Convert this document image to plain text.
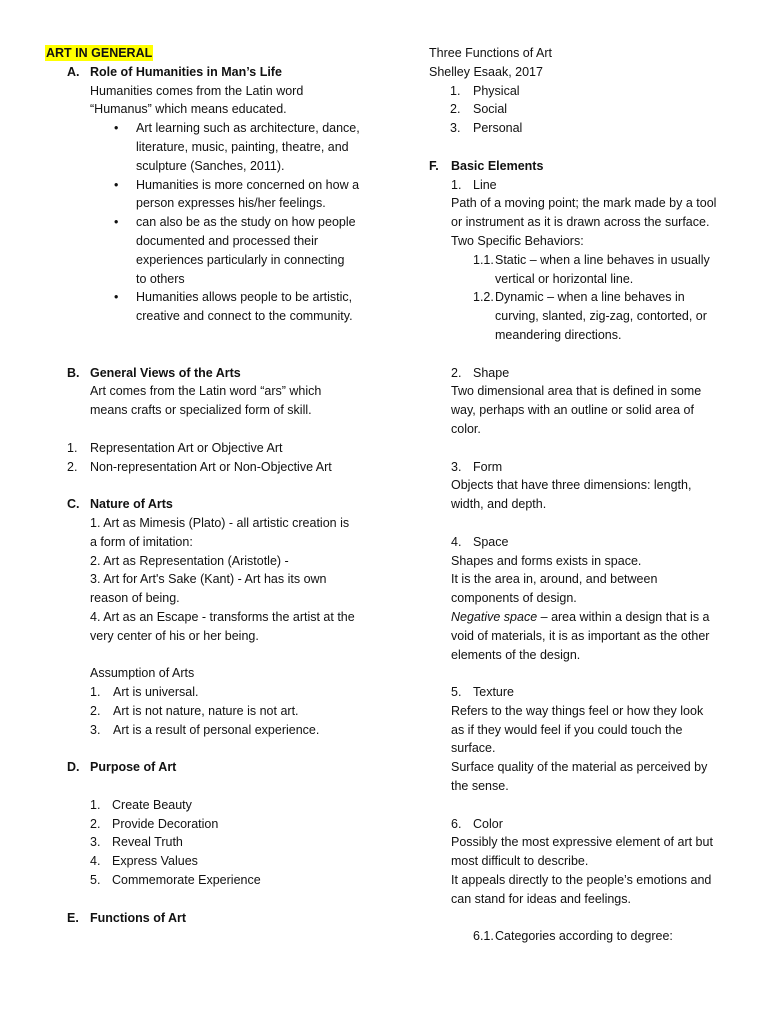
ART IN GENERAL
A. Role of Humanities in Man’s Life
Humanities comes from the Latin word
“Humanus” which means educated.
•	Art learning such as architecture, dance,
literature, music, painting, theatre, and
sculpture (Sanches, 2011).
•	Humanities is more concerned on how a
person expresses his/her feelings.
•	can also be as the study on how people
documented and processed their
experiences particularly in connecting
to others
•	Humanities allows people to be artistic,
creative and connect to the community.
B. General Views of the Arts
Art comes from the Latin word “ars” which
means crafts or specialized form of skill.
1.	Representation Art or Objective Art
2.	Non-representation Art or Non-Objective Art
C. Nature of Arts
1. Art as Mimesis (Plato) - all artistic creation is
a form of imitation:
2. Art as Representation (Aristotle) -
3. Art for Art's Sake (Kant) - Art has its own
reason of being.
4. Art as an Escape - transforms the artist at the
very center of his or her being.
Assumption of Arts
1.	Art is universal.
2.	Art is not nature, nature is not art.
3.	Art is a result of personal experience.
D. Purpose of Art
1. Create Beauty
2. Provide Decoration
3. Reveal Truth
4. Express Values
5. Commemorate Experience
E. Functions of Art
Three Functions of Art
Shelley Esaak, 2017
1.	Physical
2.	Social
3.	Personal
F. Basic Elements
1. Line
Path of a moving point; the mark made by a tool
or instrument as it is drawn across the surface.
Two Specific Behaviors:
1.1. Static – when a line behaves in usually
vertical or horizontal line.
1.2. Dynamic – when a line behaves in
curving, slanted, zig-zag, contorted, or
meandering directions.
2. Shape
Two dimensional area that is defined in some
way, perhaps with an outline or solid area of
color.
3. Form
Objects that have three dimensions: length,
width, and depth.
4. Space
Shapes and forms exists in space.
It is the area in, around, and between
components of design.
Negative space – area within a design that is a
void of materials, it is as important as the other
elements of the design.
5. Texture
Refers to the way things feel or how they look
as if they would feel if you could touch the
surface.
Surface quality of the material as perceived by
the sense.
6. Color
Possibly the most expressive element of art but
most difficult to describe.
It appeals directly to the people’s emotions and
can stand for ideas and feelings.
6.1. Categories according to degree:
